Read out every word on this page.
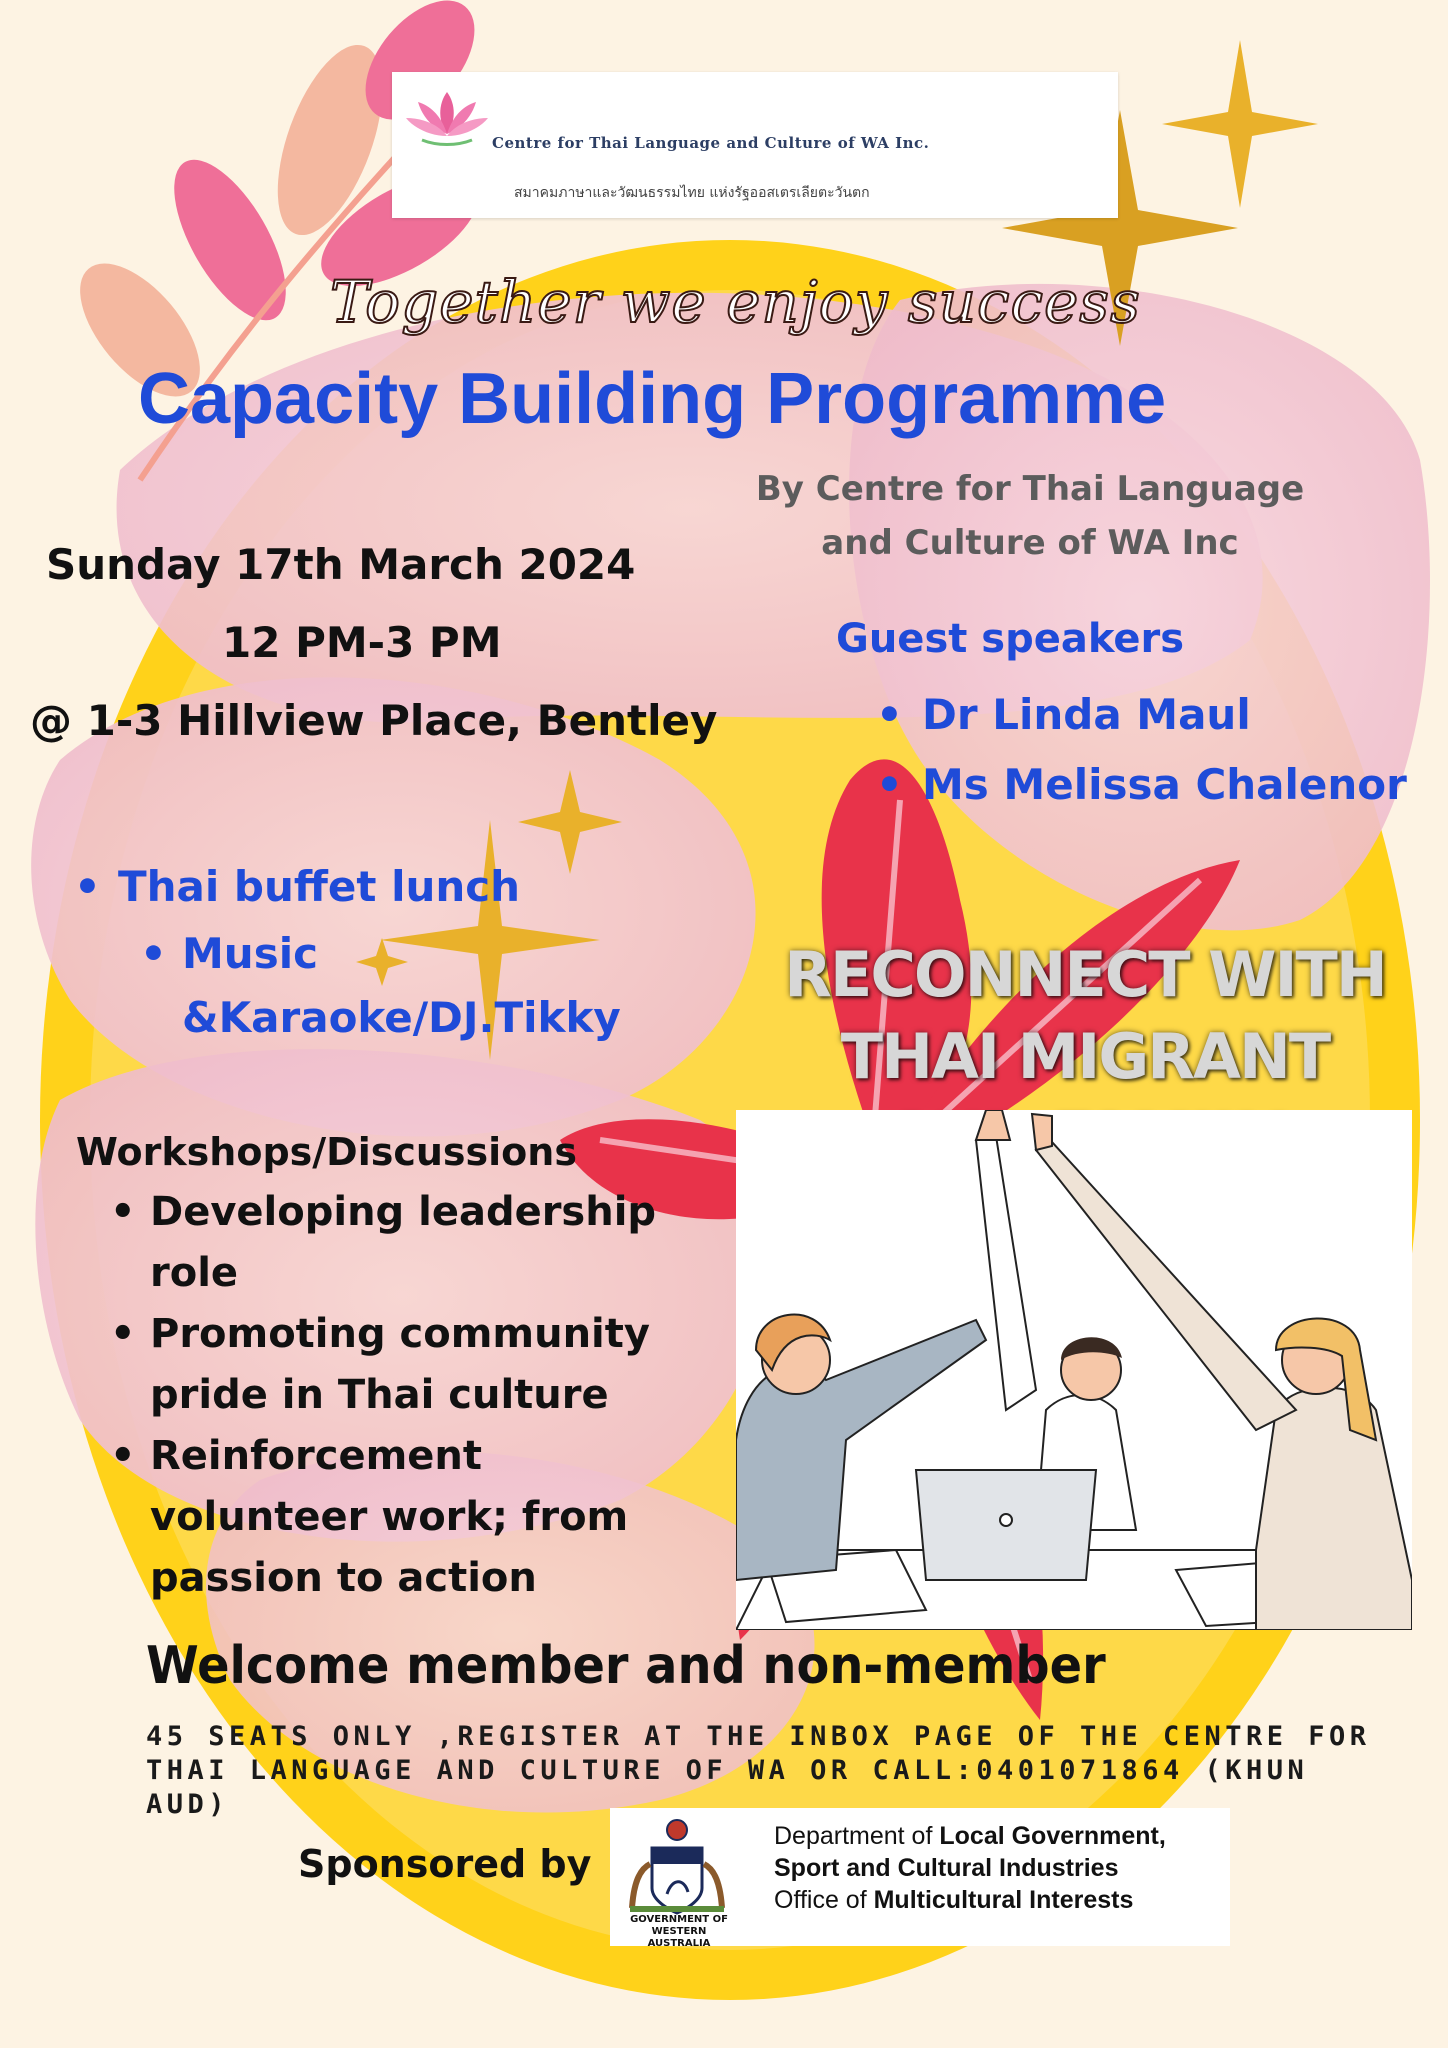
Centre for Thai Language and Culture of WA Inc.
สมาคมภาษาและวัฒนธรรมไทย แห่งรัฐออสเตรเลียตะวันตก
Together we enjoy success
Capacity Building Programme
By Centre for Thai Language and Culture of WA Inc
Sunday 17th March 2024
12 PM-3 PM
@ 1-3 Hillview Place, Bentley
Guest speakers
• Dr Linda Maul
• Ms Melissa Chalenor
• Thai buffet lunch
• Music &Karaoke/DJ.Tikky
RECONNECT WITH THAI MIGRANT
Workshops/Discussions
• Developing leadership role
• Promoting community pride in Thai culture
• Reinforcement volunteer work; from passion to action
Welcome member and non-member
45 SEATS ONLY ,REGISTER AT THE INBOX PAGE OF THE CENTRE FOR THAI LANGUAGE AND CULTURE OF WA OR CALL:0401071864 (KHUN AUD)
Sponsored by
GOVERNMENT OF WESTERN AUSTRALIA
Department of Local Government,
Sport and Cultural Industries
Office of Multicultural Interests
